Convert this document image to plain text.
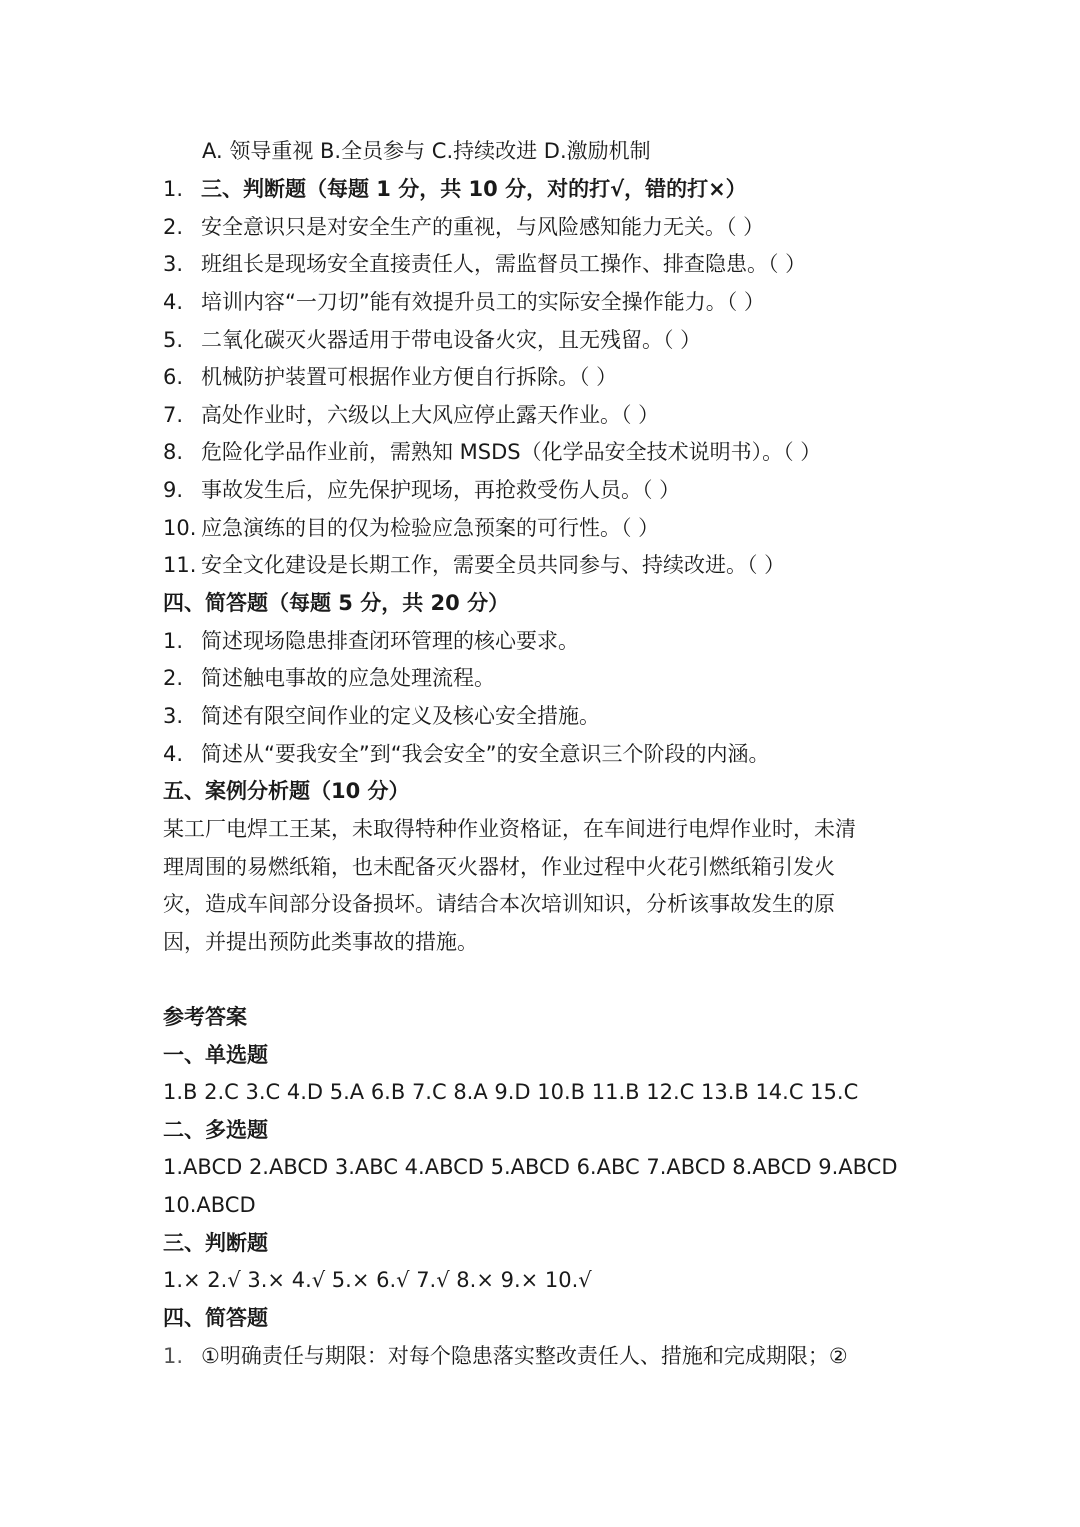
A. 领导重视 B.全员参与 C.持续改进 D.激励机制
1. 三、判断题（每题 1 分，共 10 分，对的打√，错的打×）
2. 安全意识只是对安全生产的重视，与风险感知能力无关。（ ）
3. 班组长是现场安全直接责任人，需监督员工操作、排查隐患。（ ）
4. 培训内容“一刀切”能有效提升员工的实际安全操作能力。（ ）
5. 二氧化碳灭火器适用于带电设备火灾，且无残留。（ ）
6. 机械防护装置可根据作业方便自行拆除。（ ）
7. 高处作业时，六级以上大风应停止露天作业。（ ）
8. 危险化学品作业前，需熟知 MSDS（化学品安全技术说明书）。（ ）
9. 事故发生后，应先保护现场，再抢救受伤人员。（ ）
10. 应急演练的目的仅为检验应急预案的可行性。（ ）
11. 安全文化建设是长期工作，需要全员共同参与、持续改进。（ ）
四、简答题（每题 5 分，共 20 分）
1. 简述现场隐患排查闭环管理的核心要求。
2. 简述触电事故的应急处理流程。
3. 简述有限空间作业的定义及核心安全措施。
4. 简述从“要我安全”到“我会安全”的安全意识三个阶段的内涵。
五、案例分析题（10 分）
某工厂电焊工王某，未取得特种作业资格证，在车间进行电焊作业时，未清
理周围的易燃纸箱，也未配备灭火器材，作业过程中火花引燃纸箱引发火
灾，造成车间部分设备损坏。请结合本次培训知识，分析该事故发生的原
因，并提出预防此类事故的措施。
参考答案
一、单选题
1.B 2.C 3.C 4.D 5.A 6.B 7.C 8.A 9.D 10.B 11.B 12.C 13.B 14.C 15.C
二、多选题
1.ABCD 2.ABCD 3.ABC 4.ABCD 5.ABCD 6.ABC 7.ABCD 8.ABCD 9.ABCD
10.ABCD
三、判断题
1.× 2.√ 3.× 4.√ 5.× 6.√ 7.√ 8.× 9.× 10.√
四、简答题
1. ①明确责任与期限：对每个隐患落实整改责任人、措施和完成期限；②
